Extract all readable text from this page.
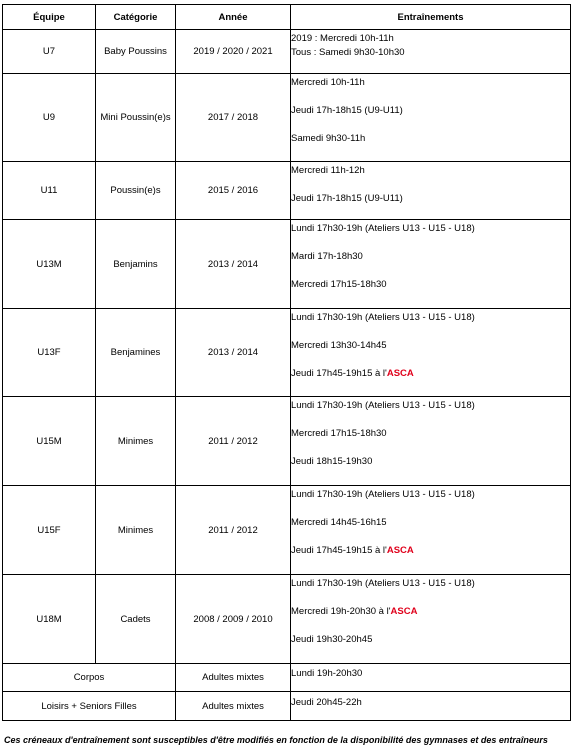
Équipe	Catégorie	Année	Entraînements
U7	Baby Poussins	2019 / 2020 / 2021	2019 : Mercredi 10h-11h
Tous : Samedi 9h30-10h30

U9	Mini Poussin(e)s	2017 / 2018	Mercredi 10h-11h
Jeudi 17h-18h15 (U9-U11)
Samedi 9h30-11h

U11	Poussin(e)s	2015 / 2016	Mercredi 11h-12h
Jeudi 17h-18h15 (U9-U11)

U13M	Benjamins	2013 / 2014	Lundi 17h30-19h (Ateliers U13 - U15 - U18)
Mardi 17h-18h30
Mercredi 17h15-18h30

U13F	Benjamines	2013 / 2014	Lundi 17h30-19h (Ateliers U13 - U15 - U18)
Mercredi 13h30-14h45
Jeudi 17h45-19h15 à l'ASCA

U15M	Minimes	2011 / 2012	Lundi 17h30-19h (Ateliers U13 - U15 - U18)
Mercredi 17h15-18h30
Jeudi 18h15-19h30

U15F	Minimes	2011 / 2012	Lundi 17h30-19h (Ateliers U13 - U15 - U18)
Mercredi 14h45-16h15
Jeudi 17h45-19h15 à l'ASCA

U18M	Cadets	2008 / 2009 / 2010	Lundi 17h30-19h (Ateliers U13 - U15 - U18)
Mercredi 19h-20h30 à l'ASCA
Jeudi 19h30-20h45

Corpos		Adultes mixtes	Lundi 19h-20h30

Loisirs + Seniors Filles		Adultes mixtes	Jeudi 20h45-22h
Ces créneaux d'entraînement sont susceptibles d'être modifiés en fonction de la disponibilité des gymnases et des entraîneurs
